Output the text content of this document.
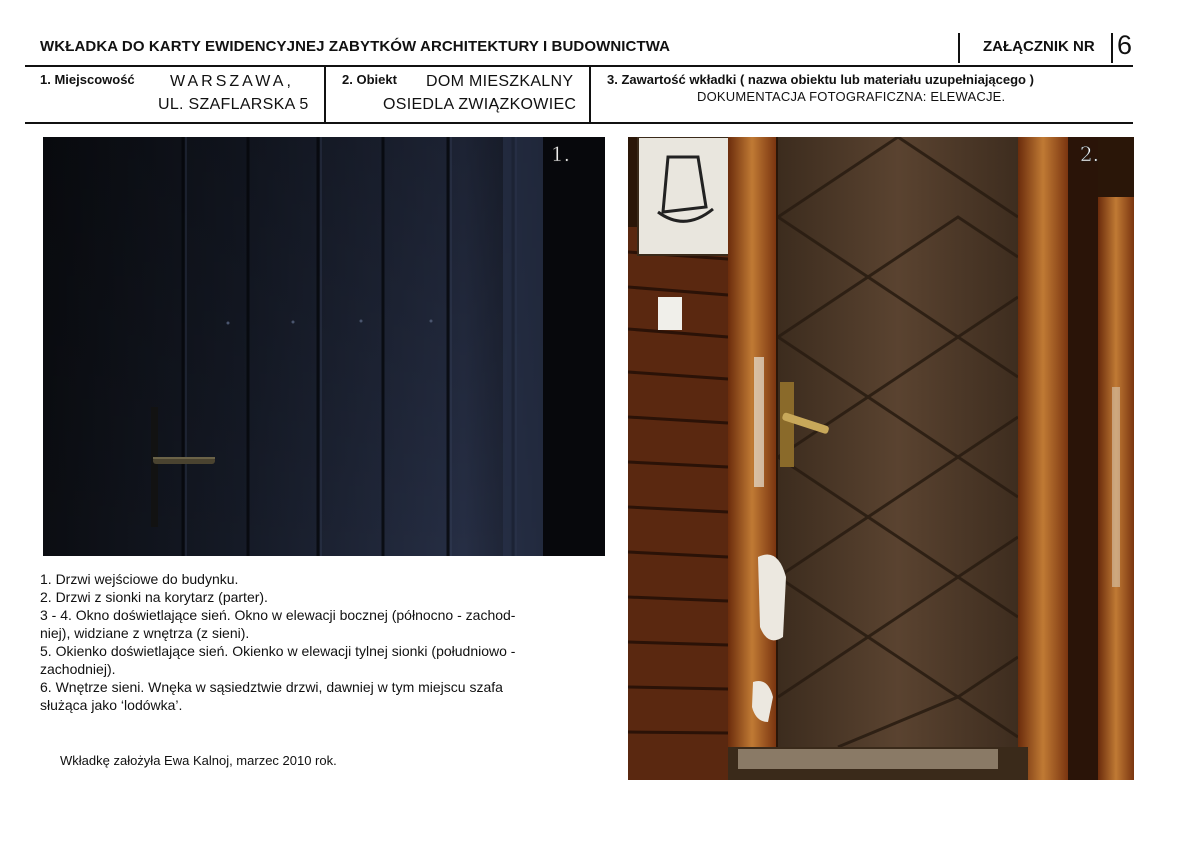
WKŁADKA DO KARTY EWIDENCYJNEJ ZABYTKÓW ARCHITEKTURY I BUDOWNICTWA	ZAŁĄCZNIK NR 6
1. Miejscowość WARSZAWA,
UL. SZAFLARSKA 5
2. Obiekt DOM MIESZKALNY
OSIEDLA ZWIĄZKOWIEC
3. Zawartość wkładki ( nazwa obiektu lub materiału uzupełniającego )
DOKUMENTACJA FOTOGRAFICZNA: ELEWACJE.
1.	2.
1. Drzwi wejściowe do budynku.
2. Drzwi z sionki na korytarz (parter).
3 - 4. Okno doświetlające sień. Okno w elewacji bocznej (północno - zachod-
niej), widziane z wnętrza (z sieni).
5. Okienko doświetlające sień. Okienko w elewacji tylnej sionki (południowo -
zachodniej).
6. Wnętrze sieni. Wnęka w sąsiedztwie drzwi, dawniej w tym miejscu szafa
służąca jako ‘lodówka’.
Wkładkę założyła Ewa Kalnoj, marzec 2010 rok.
